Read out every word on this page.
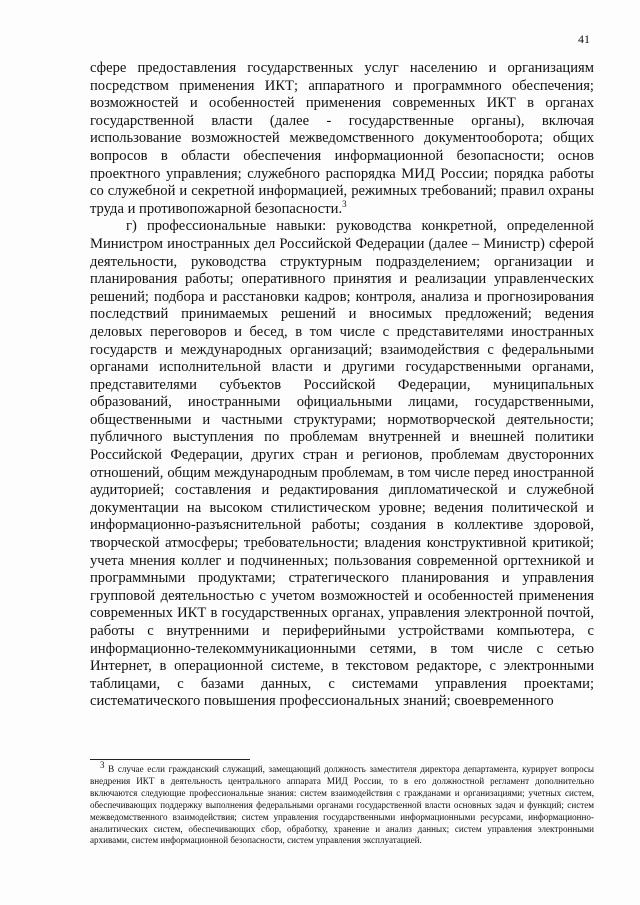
41

сфере предоставления государственных услуг населению и организациям посредством применения ИКТ; аппаратного и программного обеспечения; возможностей и особенностей применения современных ИКТ в органах государственной власти (далее - государственные органы), включая использование возможностей межведомственного документооборота; общих вопросов в области обеспечения информационной безопасности; основ проектного управления; служебного распорядка МИД России; порядка работы со служебной и секретной информацией, режимных требований; правил охраны труда и противопожарной безопасности.$^3$

г) профессиональные навыки: руководства конкретной, определенной Министром иностранных дел Российской Федерации (далее – Министр) сферой деятельности, руководства структурным подразделением; организации и планирования работы; оперативного принятия и реализации управленческих решений; подбора и расстановки кадров; контроля, анализа и прогнозирования последствий принимаемых решений и вносимых предложений; ведения деловых переговоров и бесед, в том числе с представителями иностранных государств и международных организаций; взаимодействия с федеральными органами исполнительной власти и другими государственными органами, представителями субъектов Российской Федерации, муниципальных образований, иностранными официальными лицами, государственными, общественными и частными структурами; нормотворческой деятельности; публичного выступления по проблемам внутренней и внешней политики Российской Федерации, других стран и регионов, проблемам двусторонних отношений, общим международным проблемам, в том числе перед иностранной аудиторией; составления и редактирования дипломатической и служебной документации на высоком стилистическом уровне; ведения политической и информационно-разъяснительной работы; создания в коллективе здоровой, творческой атмосферы; требовательности; владения конструктивной критикой; учета мнения коллег и подчиненных; пользования современной оргтехникой и программными продуктами; стратегического планирования и управления групповой деятельностью с учетом возможностей и особенностей применения современных ИКТ в государственных органах, управления электронной почтой, работы с внутренними и периферийными устройствами компьютера, с информационно-телекоммуникационными сетями, в том числе с сетью Интернет, в операционной системе, в текстовом редакторе, с электронными таблицами, с базами данных, с системами управления проектами; систематического повышения профессиональных знаний; своевременного

$^3$ В случае если гражданский служащий, замещающий должность заместителя директора департамента, курирует вопросы внедрения ИКТ в деятельность центрального аппарата МИД России, то в его должностной регламент дополнительно включаются следующие профессиональные знания: систем взаимодействия с гражданами и организациями; учетных систем, обеспечивающих поддержку выполнения федеральными органами государственной власти основных задач и функций; систем межведомственного взаимодействия; систем управления государственными информационными ресурсами, информационно-аналитических систем, обеспечивающих сбор, обработку, хранение и анализ данных; систем управления электронными архивами, систем информационной безопасности, систем управления эксплуатацией.
